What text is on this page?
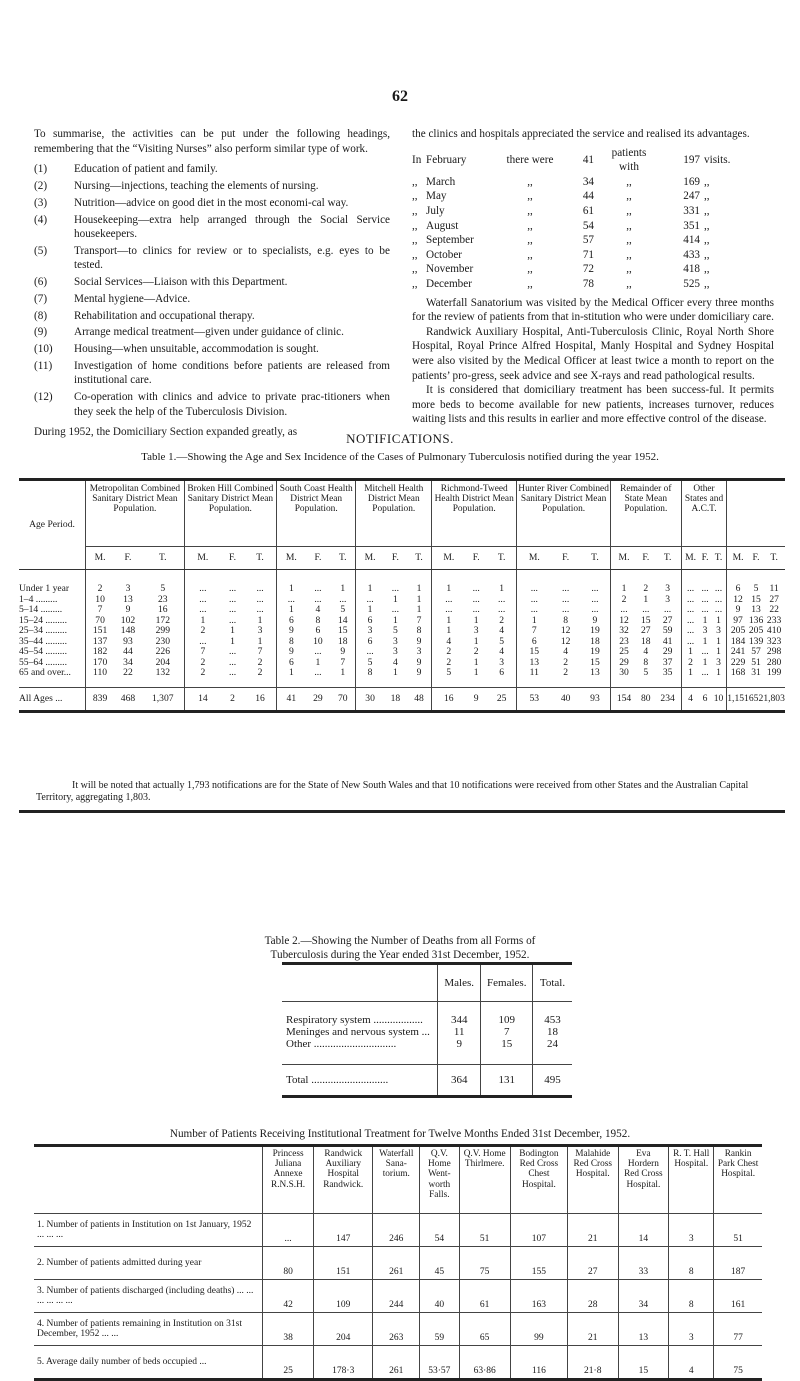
62

To summarise, the activities can be put under the following headings, remembering that the “Visiting Nurses” also perform similar type of work.

(1)	Education of patient and family.
(2)	Nursing—injections, teaching the elements of nursing.
(3)	Nutrition—advice on good diet in the most economi-cal way.
(4)	Housekeeping—extra help arranged through the Social Service housekeepers.
(5)	Transport—to clinics for review or to specialists, e.g. eyes to be tested.
(6)	Social Services—Liaison with this Department.
(7)	Mental hygiene—Advice.
(8)	Rehabilitation and occupational therapy.
(9)	Arrange medical treatment—given under guidance of clinic.
(10)	Housing—when unsuitable, accommodation is sought.
(11)	Investigation of home conditions before patients are released from institutional care.
(12)	Co-operation with clinics and advice to private prac-titioners when they seek the help of the Tuberculosis Division.

During 1952, the Domiciliary Section expanded greatly, as

the clinics and hospitals appreciated the service and realised its advantages.

In	February	there were	41	patients with	197	visits.
,,	March	,,	34	,,	169	,,
,,	May	,,	44	,,	247	,,
,,	July	,,	61	,,	331	,,
,,	August	,,	54	,,	351	,,
,,	September	,,	57	,,	414	,,
,,	October	,,	71	,,	433	,,
,,	November	,,	72	,,	418	,,
,,	December	,,	78	,,	525	,,

Waterfall Sanatorium was visited by the Medical Officer every three months for the review of patients from that in-stitution who were under domiciliary care.

Randwick Auxiliary Hospital, Anti-Tuberculosis Clinic, Royal North Shore Hospital, Royal Prince Alfred Hospital, Manly Hospital and Sydney Hospital were also visited by the Medical Officer at least twice a month to report on the patients’ pro-gress, seek advice and see X-rays and read pathological results.

It is considered that domiciliary treatment has been success-ful. It permits more beds to become available for new patients, increases turnover, reduces waiting lists and this results in earlier and more effective control of the disease.

NOTIFICATIONS.
Table 1.—Showing the Age and Sex Incidence of the Cases of Pulmonary Tuberculosis notified during the year 1952.
Age Period.	Metropolitan Combined Sanitary District Mean Population.			Broken Hill Combined Sanitary District Mean Population.			South Coast Health District Mean Population.			Mitchell Health District Mean Population.			Richmond-Tweed Health District Mean Population.			Hunter River Combined Sanitary District Mean Population.			Remainder of State Mean Population.			Other States and A.C.T.					
	M.	F.	T.	M.	F.	T.	M.	F.	T.	M.	F.	T.	M.	F.	T.	M.	F.	T.	M.	F.	T.	M.	F.	T.	M.	F.	T.
Under 1 year	2	3	5	...	...	...	1	...	1	1	...	1	1	...	1	...	...	...	1	2	3	...	...	...	6	5	11
1–4 .........	10	13	23	...	...	...	...	...	...	...	1	1	...	...	...	...	...	...	2	1	3	...	...	...	12	15	27
5–14 .........	7	9	16	...	...	...	1	4	5	1	...	1	...	...	...	...	...	...	...	...	...	...	...	...	9	13	22
15–24 .........	70	102	172	1	...	1	6	8	14	6	1	7	1	1	2	1	8	9	12	15	27	...	1	1	97	136	233
25–34 .........	151	148	299	2	1	3	9	6	15	3	5	8	1	3	4	7	12	19	32	27	59	...	3	3	205	205	410
35–44 .........	137	93	230	...	1	1	8	10	18	6	3	9	4	1	5	6	12	18	23	18	41	...	1	1	184	139	323
45–54 .........	182	44	226	7	...	7	9	...	9	...	3	3	2	2	4	15	4	19	25	4	29	1	...	1	241	57	298
55–64 .........	170	34	204	2	...	2	6	1	7	5	4	9	2	1	3	13	2	15	29	8	37	2	1	3	229	51	280
65 and over...	110	22	132	2	...	2	1	...	1	8	1	9	5	1	6	11	2	13	30	5	35	1	...	1	168	31	199
All Ages ...	839	468	1,307	14	2	16	41	29	70	30	18	48	16	9	25	53	40	93	154	80	234	4	6	10	1,151	652	1,803
It will be noted that actually 1,793 notifications are for the State of New South Wales and that 10 notifications were received from other States and the Australian Capital Territory, aggregating 1,803.
Table 2.—Showing the Number of Deaths from all Forms of
Tuberculosis during the Year ended 31st December, 1952.
	Males.	Females.	Total.
Respiratory system ..................	344	109	453
Meninges and nervous system ...	11	7	18
Other ..............................	9	15	24
Total ............................	364	131	495
Number of Patients Receiving Institutional Treatment for Twelve Months Ended 31st December, 1952.
	Princess Juliana Annexe R.N.S.H.	Randwick Auxiliary Hospital Randwick.	Waterfall Sana-torium.	Q.V. Home Went-worth Falls.	Q.V. Home Thirlmere.	Bodington Red Cross Chest Hospital.	Malahide Red Cross Hospital.	Eva Hordern Red Cross Hospital.	R. T. Hall Hospital.	Rankin Park Chest Hospital.
1. Number of patients in Institution on 1st January, 1952 ... ... ...	...	147	246	54	51	107	21	14	3	51
2. Number of patients admitted during year	80	151	261	45	75	155	27	33	8	187
3. Number of patients discharged (including deaths) ... ... ... ... ... ...	42	109	244	40	61	163	28	34	8	161
4. Number of patients remaining in Institution on 31st December, 1952 ... ...	38	204	263	59	65	99	21	13	3	77
5. Average daily number of beds occupied ...	25	178·3	261	53·57	63·86	116	21·8	15	4	75
